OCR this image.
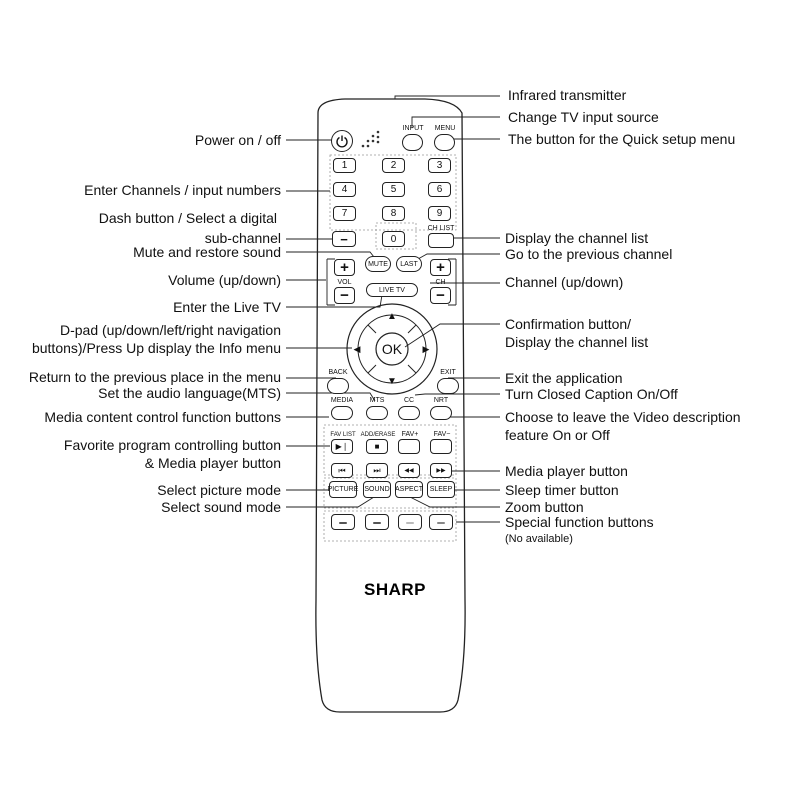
INPUT	MENU
1	2	3
4	5	6
7	8	9
−	0
CH LIST
MUTE	LAST
+
VOL
−
+
CH
−
LIVE TV
▲
▼
◀	▶
OK
BACK	EXIT
MEDIA	MTS	CC	NRT
FAV LIST
▶❘
ADD/ERASE
■
FAV+	FAV−
⏮	⏭	◀◀	▶▶
PICTURE SOUND ASPECT SLEEP
SHARP
Power on / off
Enter Channels / input numbers
Dash button / Select a digital
sub-channel
Mute and restore sound
Volume (up/down)
Enter the Live TV
D-pad (up/down/left/right navigation
buttons)/Press Up display the Info menu
Return to the previous place in the menu
Set the audio language(MTS)
Media content control function buttons
Favorite program controlling button
& Media player button
Select picture mode
Select sound mode
Infrared transmitter
Change TV input source
The button for the Quick setup menu
Display the channel list
Go to the previous channel
Channel (up/down)
Confirmation button/
Display the channel list
Exit the application
Turn Closed Caption On/Off
Choose to leave the Video description
feature On or Off
Media player button
Sleep timer button
Zoom button
Special function buttons
(No available)
